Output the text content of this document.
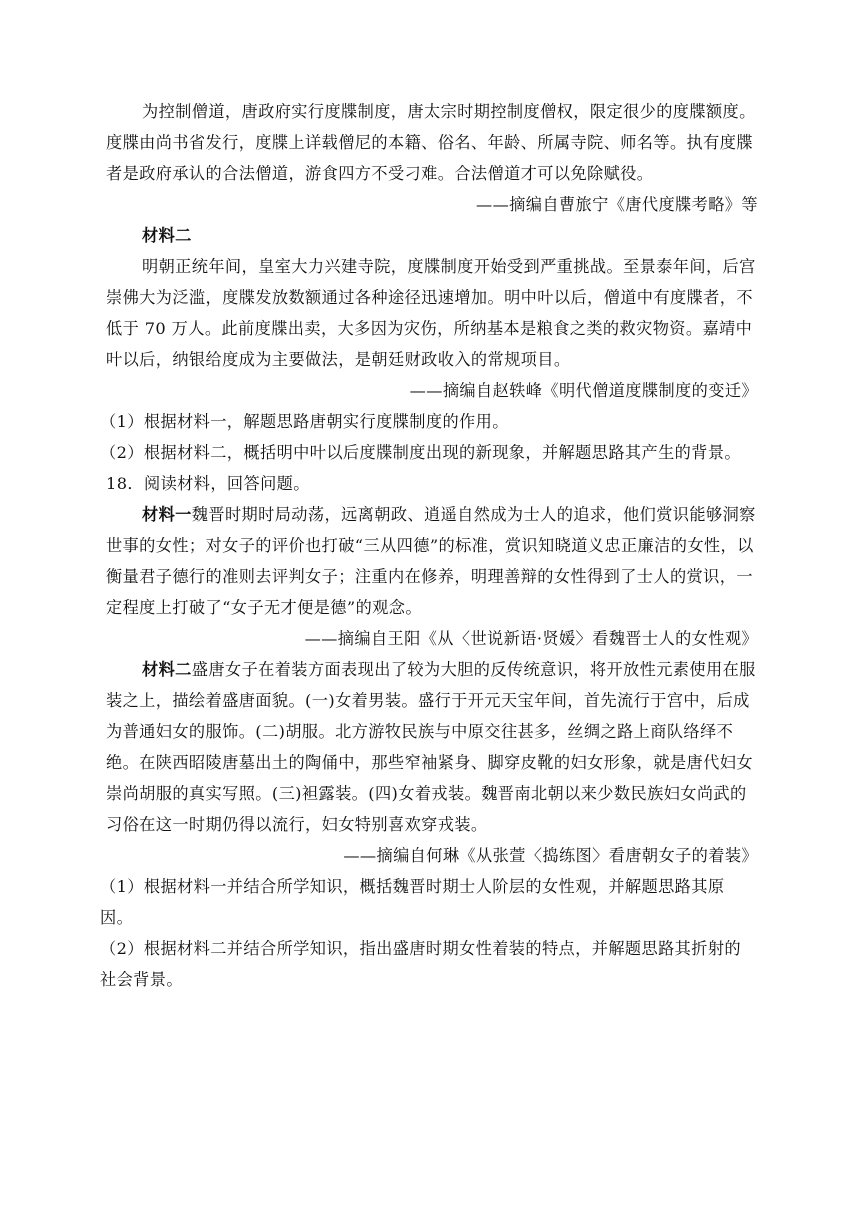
为控制僧道，唐政府实行度牒制度，唐太宗时期控制度僧权，限定很少的度牒额度。度牒由尚书省发行，度牒上详载僧尼的本籍、俗名、年龄、所属寺院、师名等。执有度牒者是政府承认的合法僧道，游食四方不受刁难。合法僧道才可以免除赋役。

——摘编自曹旅宁《唐代度牒考略》等

材料二

明朝正统年间，皇室大力兴建寺院，度牒制度开始受到严重挑战。至景泰年间，后宫崇佛大为泛滥，度牒发放数额通过各种途径迅速增加。明中叶以后，僧道中有度牒者，不低于 70 万人。此前度牒出卖，大多因为灾伤，所纳基本是粮食之类的救灾物资。嘉靖中叶以后，纳银给度成为主要做法，是朝廷财政收入的常规项目。

——摘编自赵轶峰《明代僧道度牒制度的变迁》

（1）根据材料一，解题思路唐朝实行度牒制度的作用。

（2）根据材料二，概括明中叶以后度牒制度出现的新现象，并解题思路其产生的背景。

18．阅读材料，回答问题。

材料一魏晋时期时局动荡，远离朝政、逍遥自然成为士人的追求，他们赏识能够洞察世事的女性；对女子的评价也打破“三从四德”的标准，赏识知晓道义忠正廉洁的女性，以衡量君子德行的准则去评判女子；注重内在修养，明理善辩的女性得到了士人的赏识，一定程度上打破了“女子无才便是德”的观念。

——摘编自王阳《从〈世说新语·贤媛〉看魏晋士人的女性观》

材料二盛唐女子在着装方面表现出了较为大胆的反传统意识，将开放性元素使用在服装之上，描绘着盛唐面貌。(一)女着男装。盛行于开元天宝年间，首先流行于宫中，后成为普通妇女的服饰。(二)胡服。北方游牧民族与中原交往甚多，丝绸之路上商队络绎不绝。在陕西昭陵唐墓出土的陶俑中，那些窄袖紧身、脚穿皮靴的妇女形象，就是唐代妇女崇尚胡服的真实写照。(三)袒露装。(四)女着戎装。魏晋南北朝以来少数民族妇女尚武的习俗在这一时期仍得以流行，妇女特别喜欢穿戎装。

——摘编自何琳《从张萱〈捣练图〉看唐朝女子的着装》

（1）根据材料一并结合所学知识，概括魏晋时期士人阶层的女性观，并解题思路其原因。

（2）根据材料二并结合所学知识，指出盛唐时期女性着装的特点，并解题思路其折射的社会背景。
